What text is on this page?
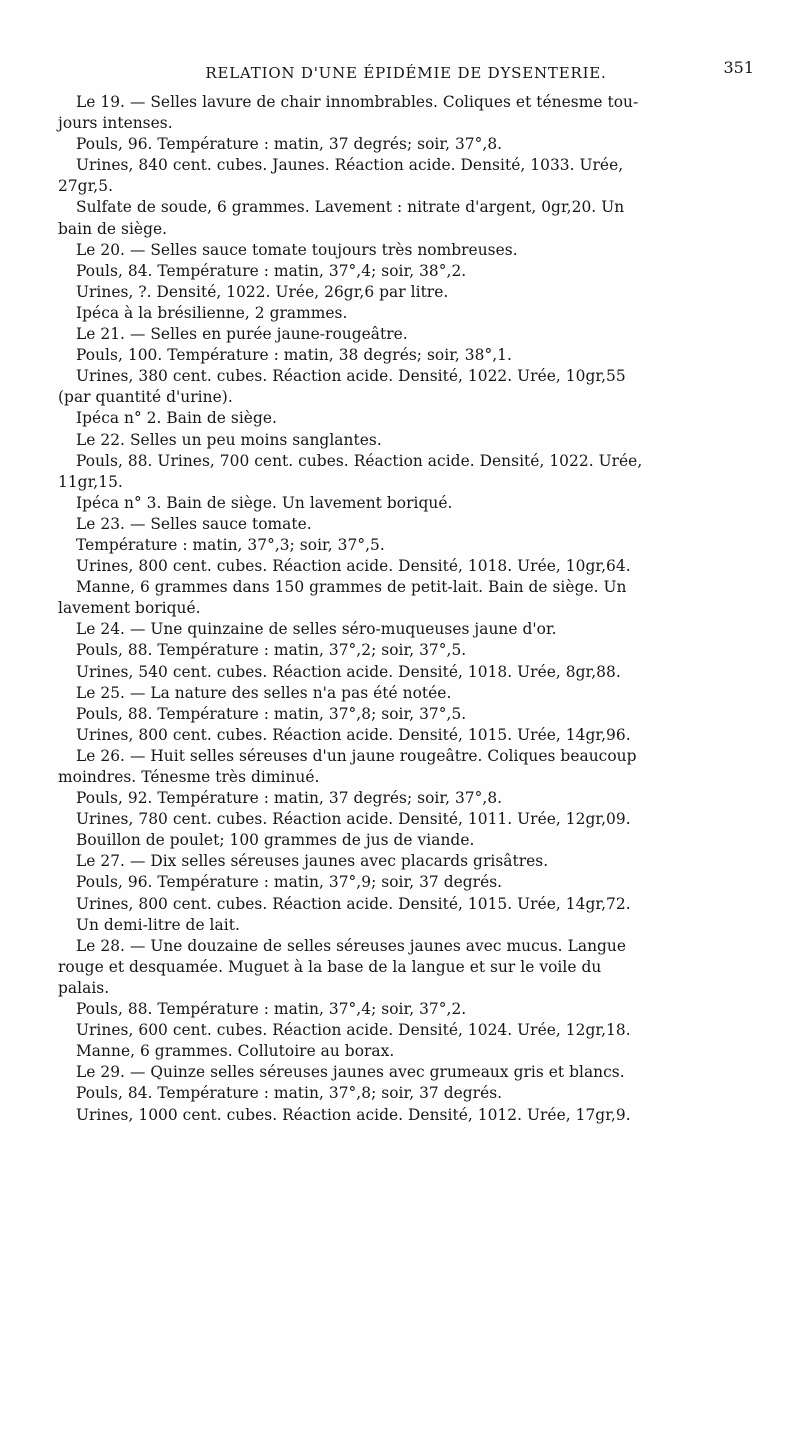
RELATION D'UNE ÉPIDÉMIE DE DYSENTERIE.	351
Le 19. — Selles lavure de chair innombrables. Coliques et ténesme tou-
jours intenses.
Pouls, 96. Température : matin, 37 degrés; soir, 37°,8.
Urines, 840 cent. cubes. Jaunes. Réaction acide. Densité, 1033. Urée,
27gr,5.
Sulfate de soude, 6 grammes. Lavement : nitrate d'argent, 0gr,20. Un
bain de siège.
Le 20. — Selles sauce tomate toujours très nombreuses.
Pouls, 84. Température : matin, 37°,4; soir, 38°,2.
Urines, ?. Densité, 1022. Urée, 26gr,6 par litre.
Ipéca à la brésilienne, 2 grammes.
Le 21. — Selles en purée jaune-rougeâtre.
Pouls, 100. Température : matin, 38 degrés; soir, 38°,1.
Urines, 380 cent. cubes. Réaction acide. Densité, 1022. Urée, 10gr,55
(par quantité d'urine).
Ipéca n° 2. Bain de siège.
Le 22. Selles un peu moins sanglantes.
Pouls, 88. Urines, 700 cent. cubes. Réaction acide. Densité, 1022. Urée,
11gr,15.
Ipéca n° 3. Bain de siège. Un lavement boriqué.
Le 23. — Selles sauce tomate.
Température : matin, 37°,3; soir, 37°,5.
Urines, 800 cent. cubes. Réaction acide. Densité, 1018. Urée, 10gr,64.
Manne, 6 grammes dans 150 grammes de petit-lait. Bain de siège. Un
lavement boriqué.
Le 24. — Une quinzaine de selles séro-muqueuses jaune d'or.
Pouls, 88. Température : matin, 37°,2; soir, 37°,5.
Urines, 540 cent. cubes. Réaction acide. Densité, 1018. Urée, 8gr,88.
Le 25. — La nature des selles n'a pas été notée.
Pouls, 88. Température : matin, 37°,8; soir, 37°,5.
Urines, 800 cent. cubes. Réaction acide. Densité, 1015. Urée, 14gr,96.
Le 26. — Huit selles séreuses d'un jaune rougeâtre. Coliques beaucoup
moindres. Ténesme très diminué.
Pouls, 92. Température : matin, 37 degrés; soir, 37°,8.
Urines, 780 cent. cubes. Réaction acide. Densité, 1011. Urée, 12gr,09.
Bouillon de poulet; 100 grammes de jus de viande.
Le 27. — Dix selles séreuses jaunes avec placards grisâtres.
Pouls, 96. Température : matin, 37°,9; soir, 37 degrés.
Urines, 800 cent. cubes. Réaction acide. Densité, 1015. Urée, 14gr,72.
Un demi-litre de lait.
Le 28. — Une douzaine de selles séreuses jaunes avec mucus. Langue
rouge et desquamée. Muguet à la base de la langue et sur le voile du
palais.
Pouls, 88. Température : matin, 37°,4; soir, 37°,2.
Urines, 600 cent. cubes. Réaction acide. Densité, 1024. Urée, 12gr,18.
Manne, 6 grammes. Collutoire au borax.
Le 29. — Quinze selles séreuses jaunes avec grumeaux gris et blancs.
Pouls, 84. Température : matin, 37°,8; soir, 37 degrés.
Urines, 1000 cent. cubes. Réaction acide. Densité, 1012. Urée, 17gr,9.
